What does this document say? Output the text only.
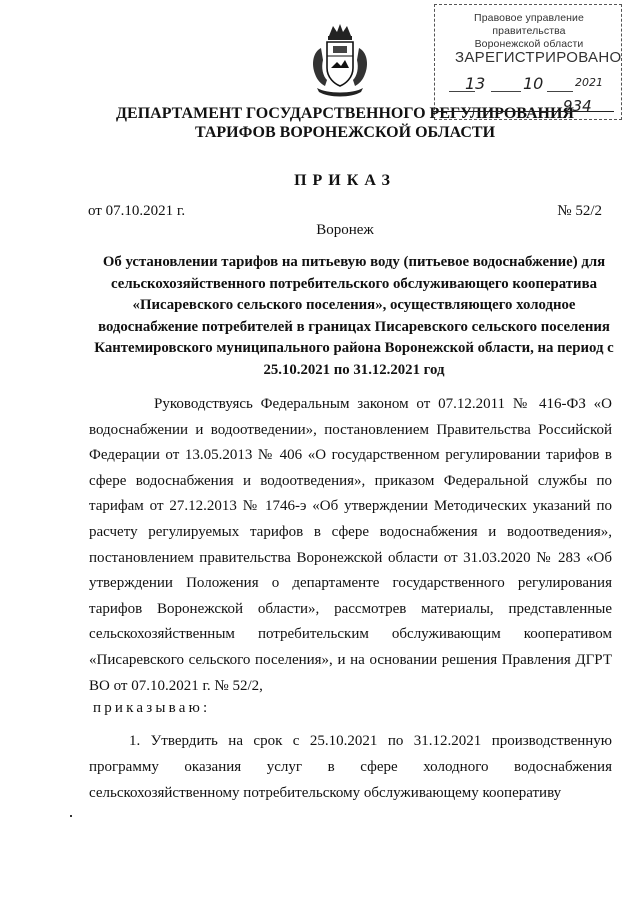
Правовое управление правительства
Воронежской области
ЗАРЕГИСТРИРОВАНО
13 10	2021
934
ДЕПАРТАМЕНТ ГОСУДАРСТВЕННОГО РЕГУЛИРОВАНИЯ
ТАРИФОВ ВОРОНЕЖСКОЙ ОБЛАСТИ
ПРИКАЗ
от 07.10.2021 г.	№ 52/2
Воронеж
Об установлении тарифов на питьевую воду (питьевое водоснабжение) для сельскохозяйственного потребительского обслуживающего кооператива «Писаревского сельского поселения», осуществляющего холодное водоснабжение потребителей в границах Писаревского сельского поселения Кантемировского муниципального района Воронежской области, на период с 25.10.2021 по 31.12.2021 год
Руководствуясь Федеральным законом от 07.12.2011 № 416-ФЗ «О водоснабжении и водоотведении», постановлением Правительства Российской Федерации от 13.05.2013 № 406 «О государственном регулировании тарифов в сфере водоснабжения и водоотведения», приказом Федеральной службы по тарифам от 27.12.2013 № 1746-э «Об утверждении Методических указаний по расчету регулируемых тарифов в сфере водоснабжения и водоотведения», постановлением правительства Воронежской области от 31.03.2020 № 283 «Об утверждении Положения о департаменте государственного регулирования тарифов Воронежской области», рассмотрев материалы, представленные сельскохозяйственным потребительским обслуживающим кооперативом «Писаревского сельского поселения», и на основании решения Правления ДГРТ ВО от 07.10.2021 г. № 52/2,
приказываю:
1. Утвердить на срок с 25.10.2021 по 31.12.2021 производственную программу оказания услуг в сфере холодного водоснабжения сельскохозяйственному потребительскому обслуживающему кооперативу
